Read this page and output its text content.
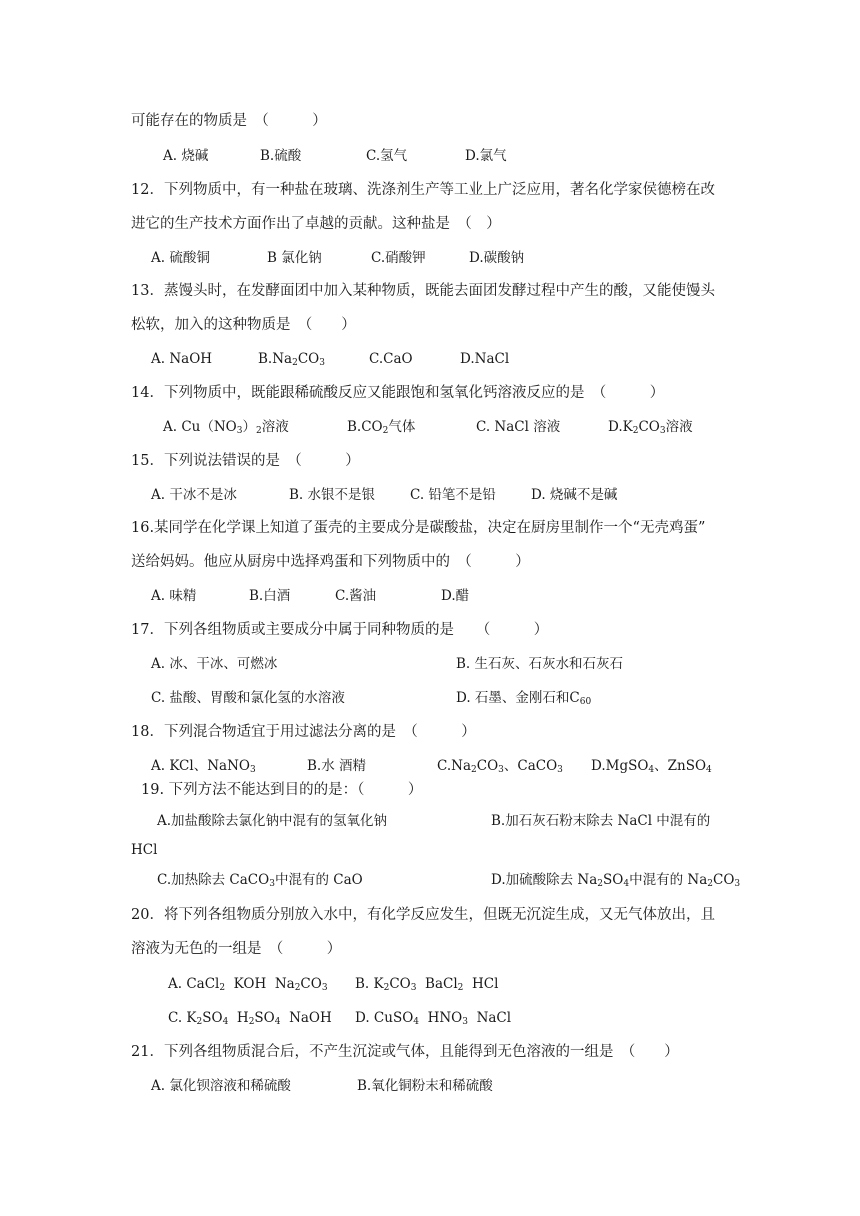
可能存在的物质是　（　　　）
A. 烧碱	B.硫酸	C.氢气	D.氯气
12．下列物质中，有一种盐在玻璃、洗涤剂生产等工业上广泛应用，著名化学家侯德榜在改
进它的生产技术方面作出了卓越的贡献。这种盐是　（　）
A. 硫酸铜	B 氯化钠	C.硝酸钾	D.碳酸钠
13．蒸馒头时，在发酵面团中加入某种物质，既能去面团发酵过程中产生的酸，又能使馒头
松软，加入的这种物质是　（　　）
A. NaOH	$B.Na_2CO_3$	C.CaO	D.NaCl
14．下列物质中，既能跟稀硫酸反应又能跟饱和氢氧化钙溶液反应的是　（　　　）
A. $Cu(NO_3)_2$溶液	$B.CO_2$气体	C. NaCl 溶液	$D.K_2CO_3$溶液
15．下列说法错误的是　（　　　）
A. 干冰不是冰	B. 水银不是银	C. 铅笔不是铅	D. 烧碱不是碱
16.某同学在化学课上知道了蛋壳的主要成分是碳酸盐，决定在厨房里制作一个“无壳鸡蛋”
送给妈妈。他应从厨房中选择鸡蛋和下列物质中的　（　　　）
A. 味精	B.白酒	C.酱油	D.醋
17．下列各组物质或主要成分中属于同种物质的是　　（　　　）
A. 冰、干冰、可燃冰	B. 生石灰、石灰水和石灰石
C. 盐酸、胃酸和氯化氢的水溶液	D. 石墨、金刚石和$C_{60}$
18．下列混合物适宜于用过滤法分离的是　（　　　）
A. KCl、NaNO$_3$	B.水 酒精	$C.Na_2CO_3$、CaCO$_3$ D.MgSO$_4$、ZnSO$_4$
19. 下列方法不能达到目的的是：（　　　）
A.加盐酸除去氯化钠中混有的氢氧化钠	B.加石灰石粉末除去 NaCl 中混有的
HCl
C.加热除去 CaCO$_3$中混有的 CaO	D.加硫酸除去 $Na_2SO_4$中混有的 $Na_2CO_3$
20．将下列各组物质分别放入水中，有化学反应发生，但既无沉淀生成，又无气体放出，且
溶液为无色的一组是　（　　　）
A. CaCl$_2$  KOH  $Na_2CO_3$ B. $K_2CO_3$  BaCl$_2$  HCl
C. $K_2SO_4$  $H_2SO_4$  NaOH D. CuSO$_4$  $HNO_3$  NaCl
21．下列各组物质混合后，不产生沉淀或气体，且能得到无色溶液的一组是　（　　）
A. 氯化钡溶液和稀硫酸	B.氧化铜粉末和稀硫酸
